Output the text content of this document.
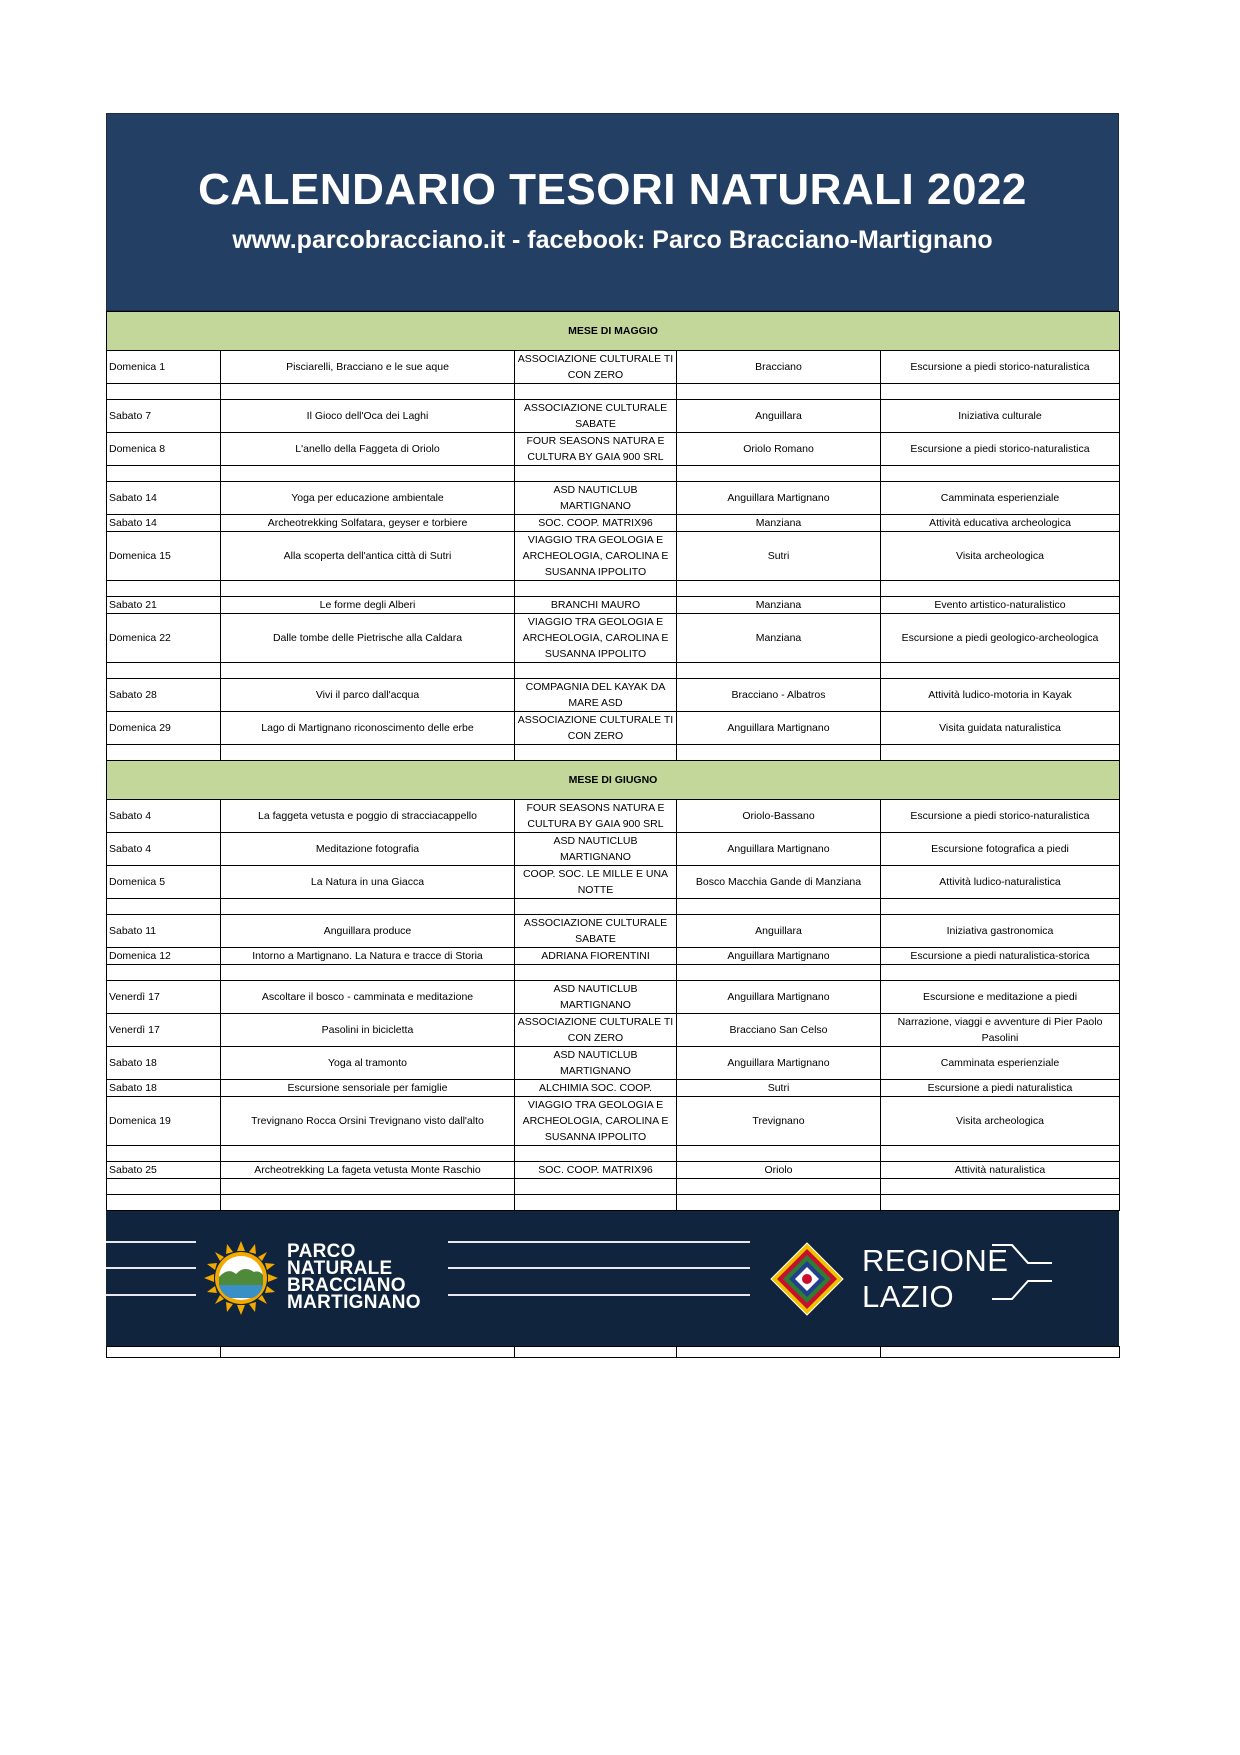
CALENDARIO TESORI NATURALI 2022
www.parcobracciano.it - facebook: Parco Bracciano-Martignano
MESE DI MAGGIO				
Domenica 1	Pisciarelli, Bracciano e le sue aque	ASSOCIAZIONE CULTURALE TI CON ZERO	Bracciano	Escursione a piedi storico-naturalistica

Sabato 7	Il Gioco dell'Oca dei Laghi	ASSOCIAZIONE CULTURALE SABATE	Anguillara	Iniziativa culturale
Domenica 8	L'anello della Faggeta di Oriolo	FOUR SEASONS NATURA E CULTURA BY GAIA 900 SRL	Oriolo Romano	Escursione a piedi storico-naturalistica

Sabato 14	Yoga per educazione ambientale	ASD NAUTICLUB MARTIGNANO	Anguillara Martignano	Camminata esperienziale
Sabato 14	Archeotrekking Solfatara, geyser e torbiere	SOC. COOP. MATRIX96	Manziana	Attività educativa archeologica
Domenica 15	Alla scoperta dell'antica città di Sutri	VIAGGIO TRA GEOLOGIA E ARCHEOLOGIA, CAROLINA E SUSANNA IPPOLITO	Sutri	Visita archeologica

Sabato 21	Le forme degli Alberi	BRANCHI MAURO	Manziana	Evento artistico-naturalistico
Domenica 22	Dalle tombe delle Pietrische alla Caldara	VIAGGIO TRA GEOLOGIA E ARCHEOLOGIA, CAROLINA E SUSANNA IPPOLITO	Manziana	Escursione a piedi geologico-archeologica

Sabato 28	Vivi il parco dall'acqua	COMPAGNIA DEL KAYAK DA MARE ASD	Bracciano - Albatros	Attività ludico-motoria in Kayak
Domenica 29	Lago di Martignano riconoscimento delle erbe	ASSOCIAZIONE CULTURALE TI CON ZERO	Anguillara Martignano	Visita guidata naturalistica

MESE DI GIUGNO				
Sabato 4	La faggeta vetusta e poggio di stracciacappello	FOUR SEASONS NATURA E CULTURA BY GAIA 900 SRL	Oriolo-Bassano	Escursione a piedi storico-naturalistica
Sabato 4	Meditazione fotografia	ASD NAUTICLUB MARTIGNANO	Anguillara Martignano	Escursione fotografica a piedi
Domenica 5	La Natura in una Giacca	COOP. SOC. LE MILLE E UNA NOTTE	Bosco Macchia Gande di Manziana	Attività ludico-naturalistica

Sabato 11	Anguillara produce	ASSOCIAZIONE CULTURALE SABATE	Anguillara	Iniziativa gastronomica
Domenica 12	Intorno a Martignano. La Natura e tracce di Storia	ADRIANA FIORENTINI	Anguillara Martignano	Escursione a piedi naturalistica-storica

Venerdì 17	Ascoltare il bosco - camminata e meditazione	ASD NAUTICLUB MARTIGNANO	Anguillara Martignano	Escursione e meditazione a piedi
Venerdì 17	Pasolini in bicicletta	ASSOCIAZIONE CULTURALE TI CON ZERO	Bracciano San Celso	Narrazione, viaggi e avventure di Pier Paolo Pasolini
Sabato 18	Yoga al tramonto	ASD NAUTICLUB MARTIGNANO	Anguillara Martignano	Camminata esperienziale
Sabato 18	Escursione sensoriale per famiglie	ALCHIMIA SOC. COOP.	Sutri	Escursione a piedi naturalistica
Domenica 19	Trevignano Rocca Orsini Trevignano visto dall'alto	VIAGGIO TRA GEOLOGIA E ARCHEOLOGIA, CAROLINA E SUSANNA IPPOLITO	Trevignano	Visita archeologica

Sabato 25	Archeotrekking La fageta vetusta Monte Raschio	SOC. COOP. MATRIX96	Oriolo	Attività naturalistica

PARCO
NATURALE
BRACCIANO
MARTIGNANO
REGIONE
LAZIO
